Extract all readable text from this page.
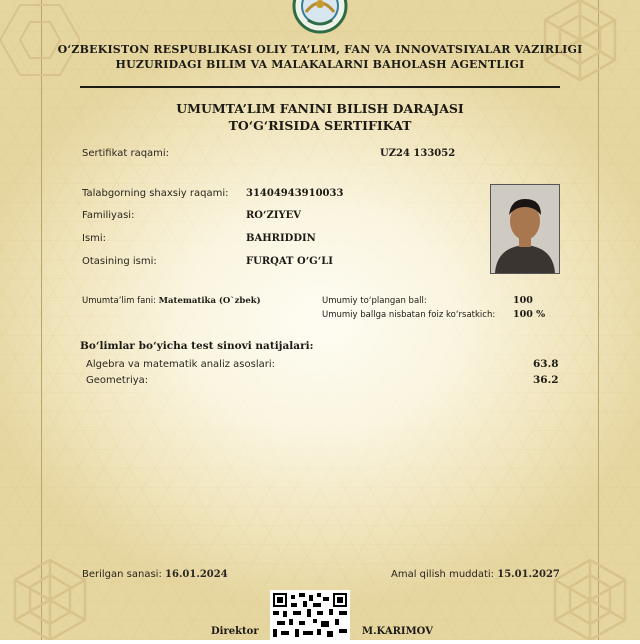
O‘ZBEKISTON RESPUBLIKASI OLIY TA’LIM, FAN VA INNOVATSIYALAR VAZIRLIGI
HUZURIDAGI BILIM VA MALAKALARNI BAHOLASH AGENTLIGI
UMUMTA’LIM FANINI BILISH DARAJASI
TO‘G‘RISIDA SERTIFIKAT
Sertifikat raqami:	UZ24 133052
Talabgorning shaxsiy raqami: 31404943910033
Familiyasi:	RO‘ZIYEV
Ismi:	BAHRIDDIN
Otasining ismi:	FURQAT O‘G‘LI
Umumta’lim fani: Matematika (O`zbek)	Umumiy to‘plangan ball:	100
Umumiy ballga nisbatan foiz ko‘rsatkich: 100 %
Bo‘limlar bo‘yicha test sinovi natijalari:
Algebra va matematik analiz asoslari:	63.8
Geometriya:	36.2
Berilgan sanasi: 16.01.2024	Amal qilish muddati: 15.01.2027
Direktor	M.KARIMOV
